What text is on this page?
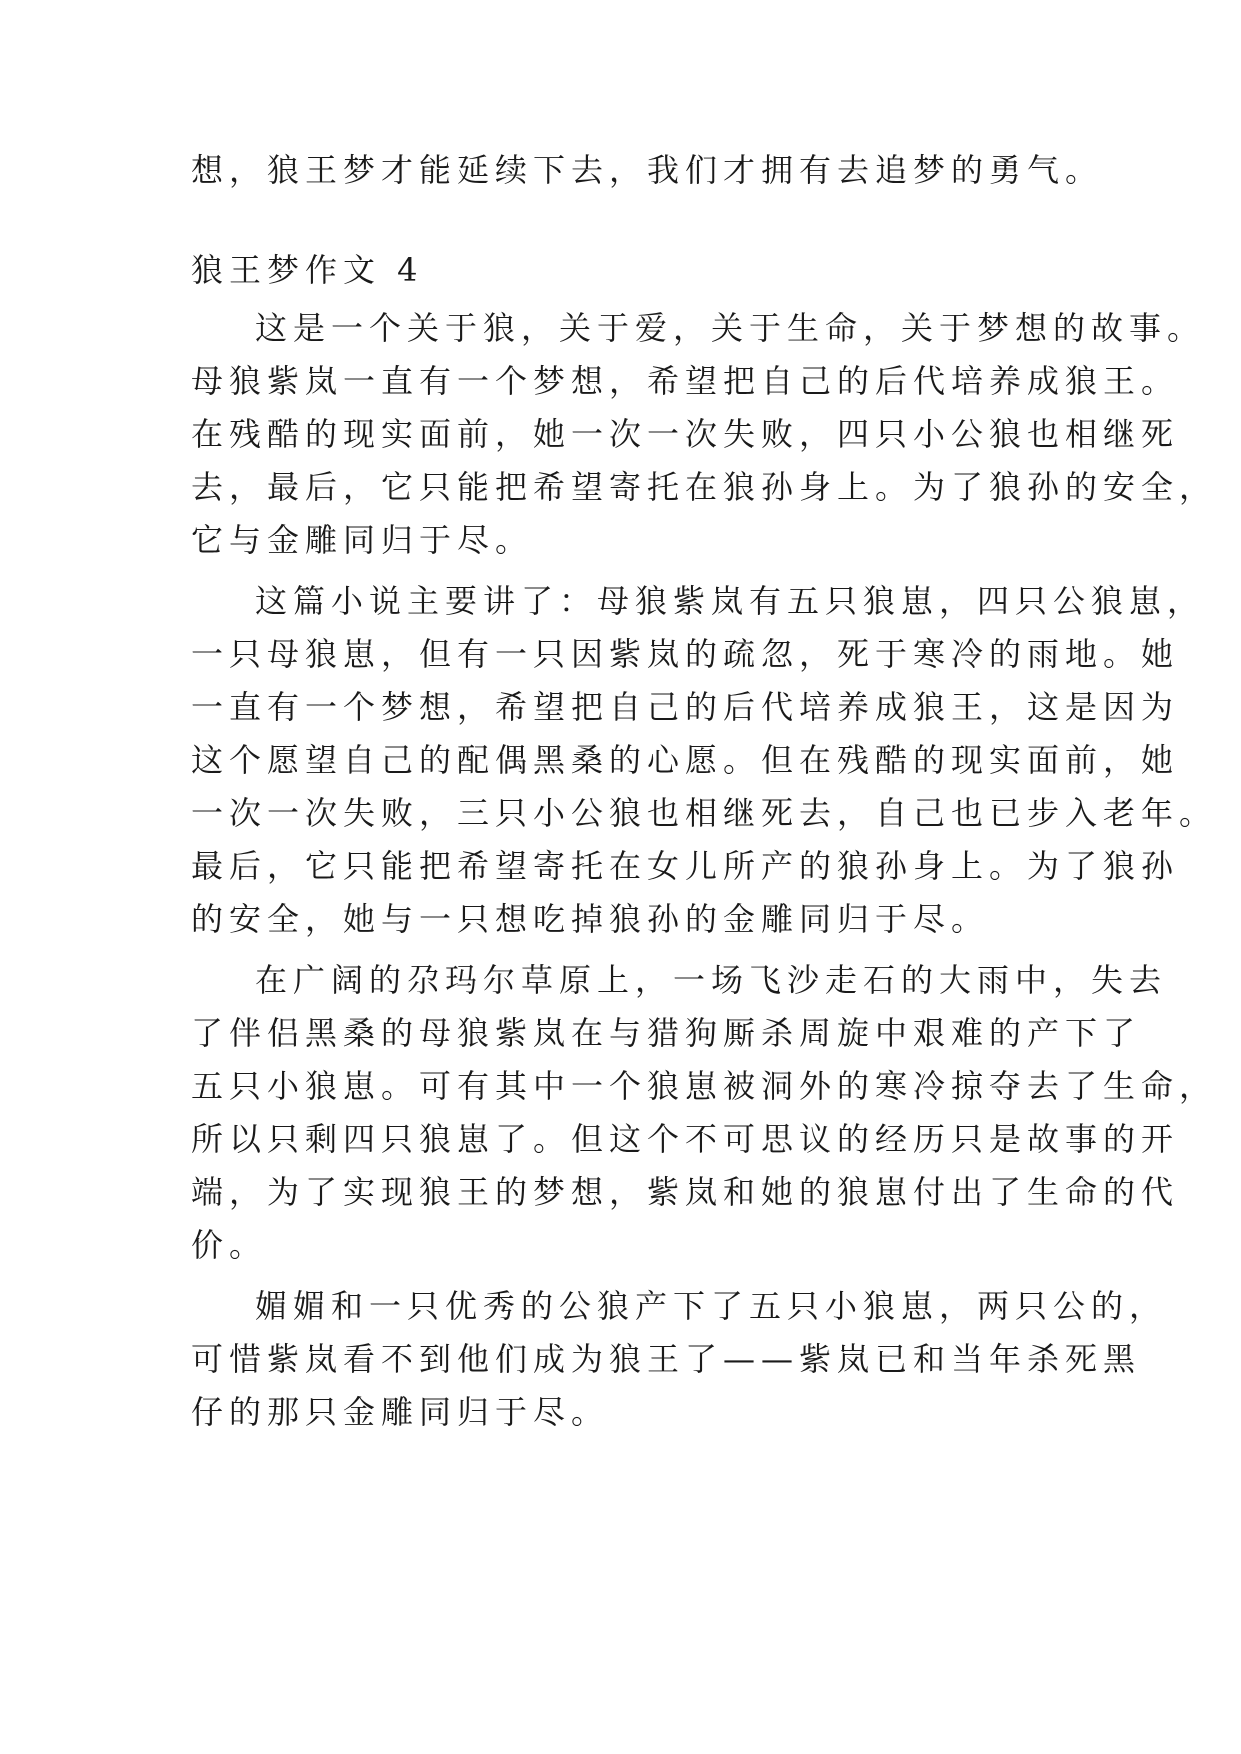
想，狼王梦才能延续下去，我们才拥有去追梦的勇气。
狼王梦作文 4
这是一个关于狼，关于爱，关于生命，关于梦想的故事。
母狼紫岚一直有一个梦想，希望把自己的后代培养成狼王。
在残酷的现实面前，她一次一次失败，四只小公狼也相继死
去，最后，它只能把希望寄托在狼孙身上。为了狼孙的安全，
它与金雕同归于尽。
这篇小说主要讲了：母狼紫岚有五只狼崽，四只公狼崽，
一只母狼崽，但有一只因紫岚的疏忽，死于寒冷的雨地。她
一直有一个梦想，希望把自己的后代培养成狼王，这是因为
这个愿望自己的配偶黑桑的心愿。但在残酷的现实面前，她
一次一次失败，三只小公狼也相继死去，自己也已步入老年。
最后，它只能把希望寄托在女儿所产的狼孙身上。为了狼孙
的安全，她与一只想吃掉狼孙的金雕同归于尽。
在广阔的尕玛尔草原上，一场飞沙走石的大雨中，失去
了伴侣黑桑的母狼紫岚在与猎狗厮杀周旋中艰难的产下了
五只小狼崽。可有其中一个狼崽被洞外的寒冷掠夺去了生命，
所以只剩四只狼崽了。但这个不可思议的经历只是故事的开
端，为了实现狼王的梦想，紫岚和她的狼崽付出了生命的代
价。
媚媚和一只优秀的公狼产下了五只小狼崽，两只公的，
可惜紫岚看不到他们成为狼王了——紫岚已和当年杀死黑
仔的那只金雕同归于尽。
